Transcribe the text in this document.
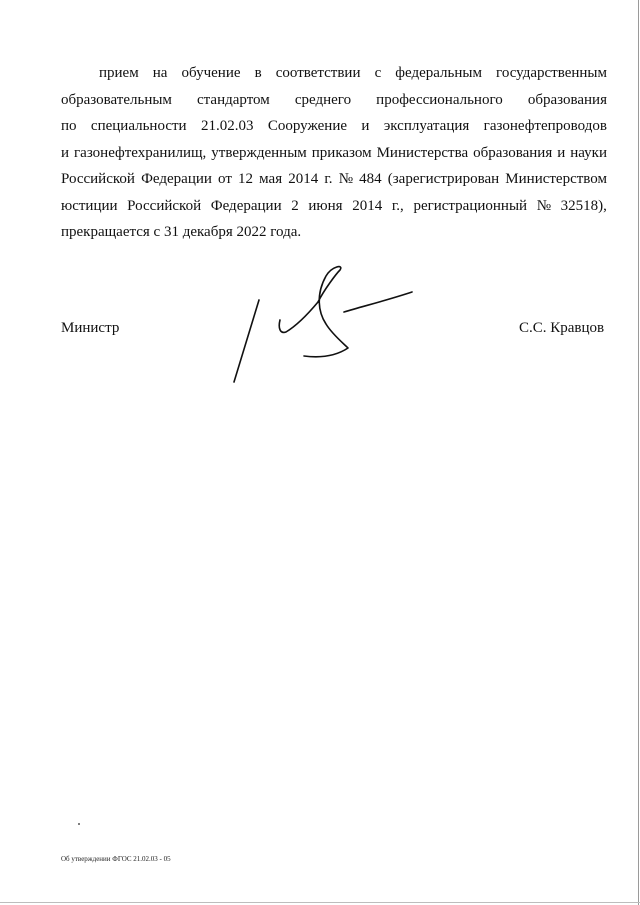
прием на обучение в соответствии с федеральным государственным
образовательным стандартом среднего профессионального образования
по специальности 21.02.03 Сооружение и эксплуатация газонефтепроводов
и газонефтехранилищ, утвержденным приказом Министерства образования и науки
Российской Федерации от 12 мая 2014 г. № 484 (зарегистрирован Министерством
юстиции Российской Федерации 2 июня 2014 г., регистрационный № 32518),
прекращается с 31 декабря 2022 года.
Министр	С.С. Кравцов
Об утверждении ФГОС 21.02.03 - 05
